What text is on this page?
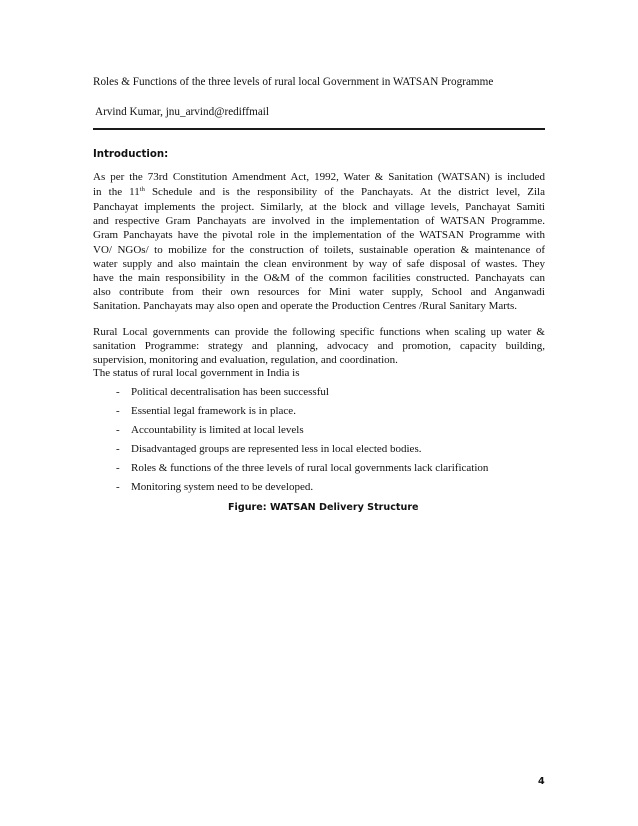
Roles & Functions of the three levels of rural local Government in WATSAN Programme
Arvind Kumar, jnu_arvind@rediffmail
Introduction:
As per the 73rd Constitution Amendment Act, 1992, Water & Sanitation (WATSAN) is included
in the 11th Schedule and is the responsibility of the Panchayats. At the district level, Zila
Panchayat implements the project. Similarly, at the block and village levels, Panchayat Samiti
and respective Gram Panchayats are involved in the implementation of WATSAN Programme.
Gram Panchayats have the pivotal role in the implementation of the WATSAN Programme with
VO/ NGOs/ to mobilize for the construction of toilets, sustainable operation & maintenance of
water supply and also maintain the clean environment by way of safe disposal of wastes. They
have the main responsibility in the O&M of the common facilities constructed. Panchayats can
also contribute from their own resources for Mini water supply, School and Anganwadi
Sanitation. Panchayats may also open and operate the Production Centres /Rural Sanitary Marts.
Rural Local governments can provide the following specific functions when scaling up water &
sanitation Programme: strategy and planning, advocacy and promotion, capacity building,
supervision, monitoring and evaluation, regulation, and coordination.
The status of rural local government in India is
- Political decentralisation has been successful
- Essential legal framework is in place.
- Accountability is limited at local levels
- Disadvantaged groups are represented less in local elected bodies.
- Roles & functions of the three levels of rural local governments lack clarification
- Monitoring system need to be developed.
Figure: WATSAN Delivery Structure
4
